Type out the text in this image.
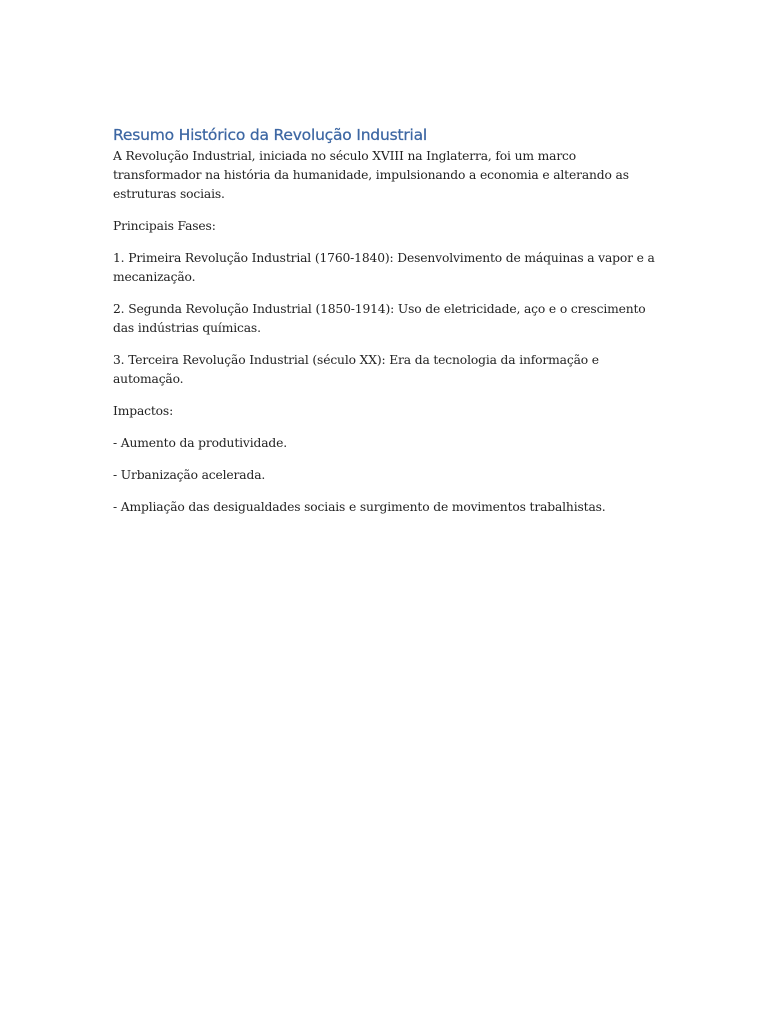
Resumo Histórico da Revolução Industrial

A Revolução Industrial, iniciada no século XVIII na Inglaterra, foi um marco transformador na história da humanidade, impulsionando a economia e alterando as estruturas sociais.

Principais Fases:

1. Primeira Revolução Industrial (1760-1840): Desenvolvimento de máquinas a vapor e a mecanização.

2. Segunda Revolução Industrial (1850-1914): Uso de eletricidade, aço e o crescimento das indústrias químicas.

3. Terceira Revolução Industrial (século XX): Era da tecnologia da informação e automação.

Impactos:

- Aumento da produtividade.

- Urbanização acelerada.

- Ampliação das desigualdades sociais e surgimento de movimentos trabalhistas.
